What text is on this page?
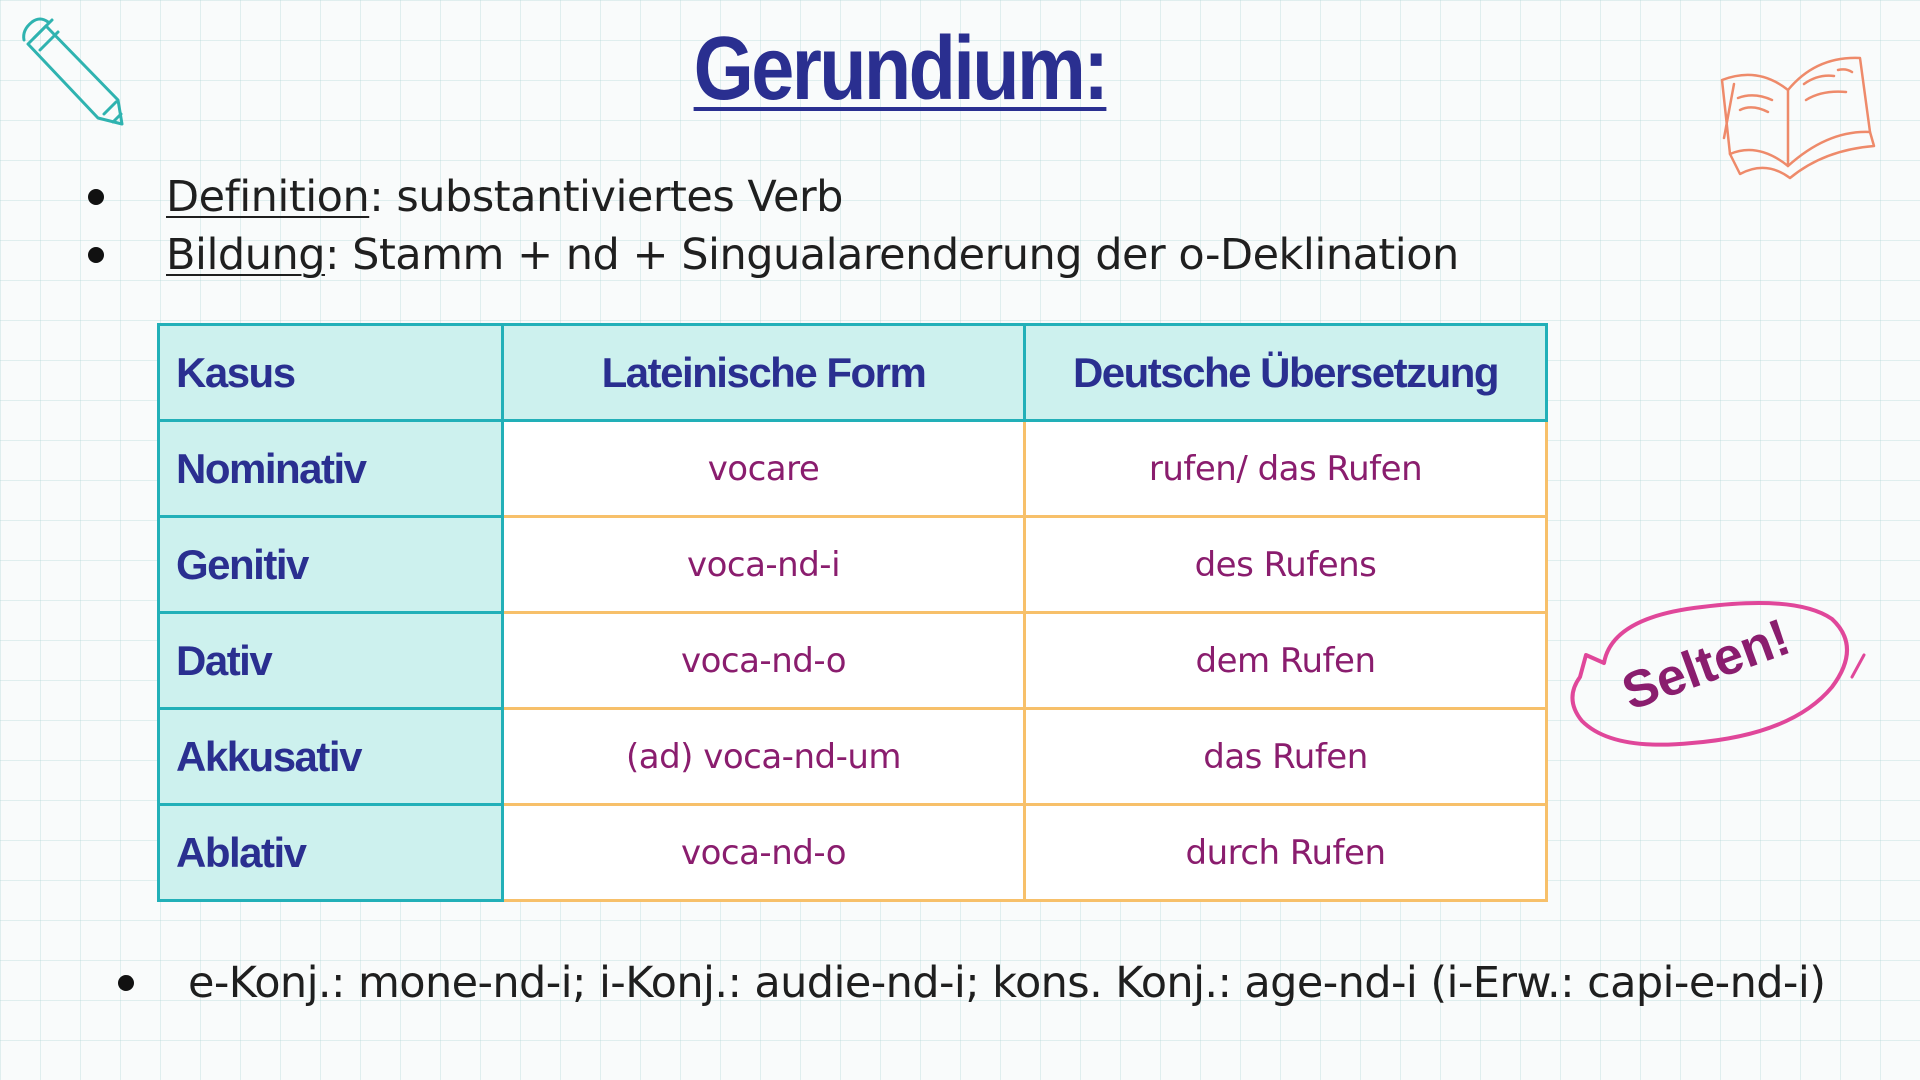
Gerundium:
Definition : substantiviertes Verb
Bildung : Stamm + nd + Singualarenderung der o-Deklination
Kasus	Lateinische Form	Deutsche Übersetzung
Nominativ	vocare	rufen/ das Rufen
Genitiv	voca-nd-i	des Rufens
Dativ	voca-nd-o	dem Rufen
Akkusativ	(ad) voca-nd-um	das Rufen
Ablativ	voca-nd-o	durch Rufen
Selten!
e-Konj.: mone-nd-i; i-Konj.: audie-nd-i; kons. Konj.: age-nd-i (i-Erw.: capi-e-nd-i)
